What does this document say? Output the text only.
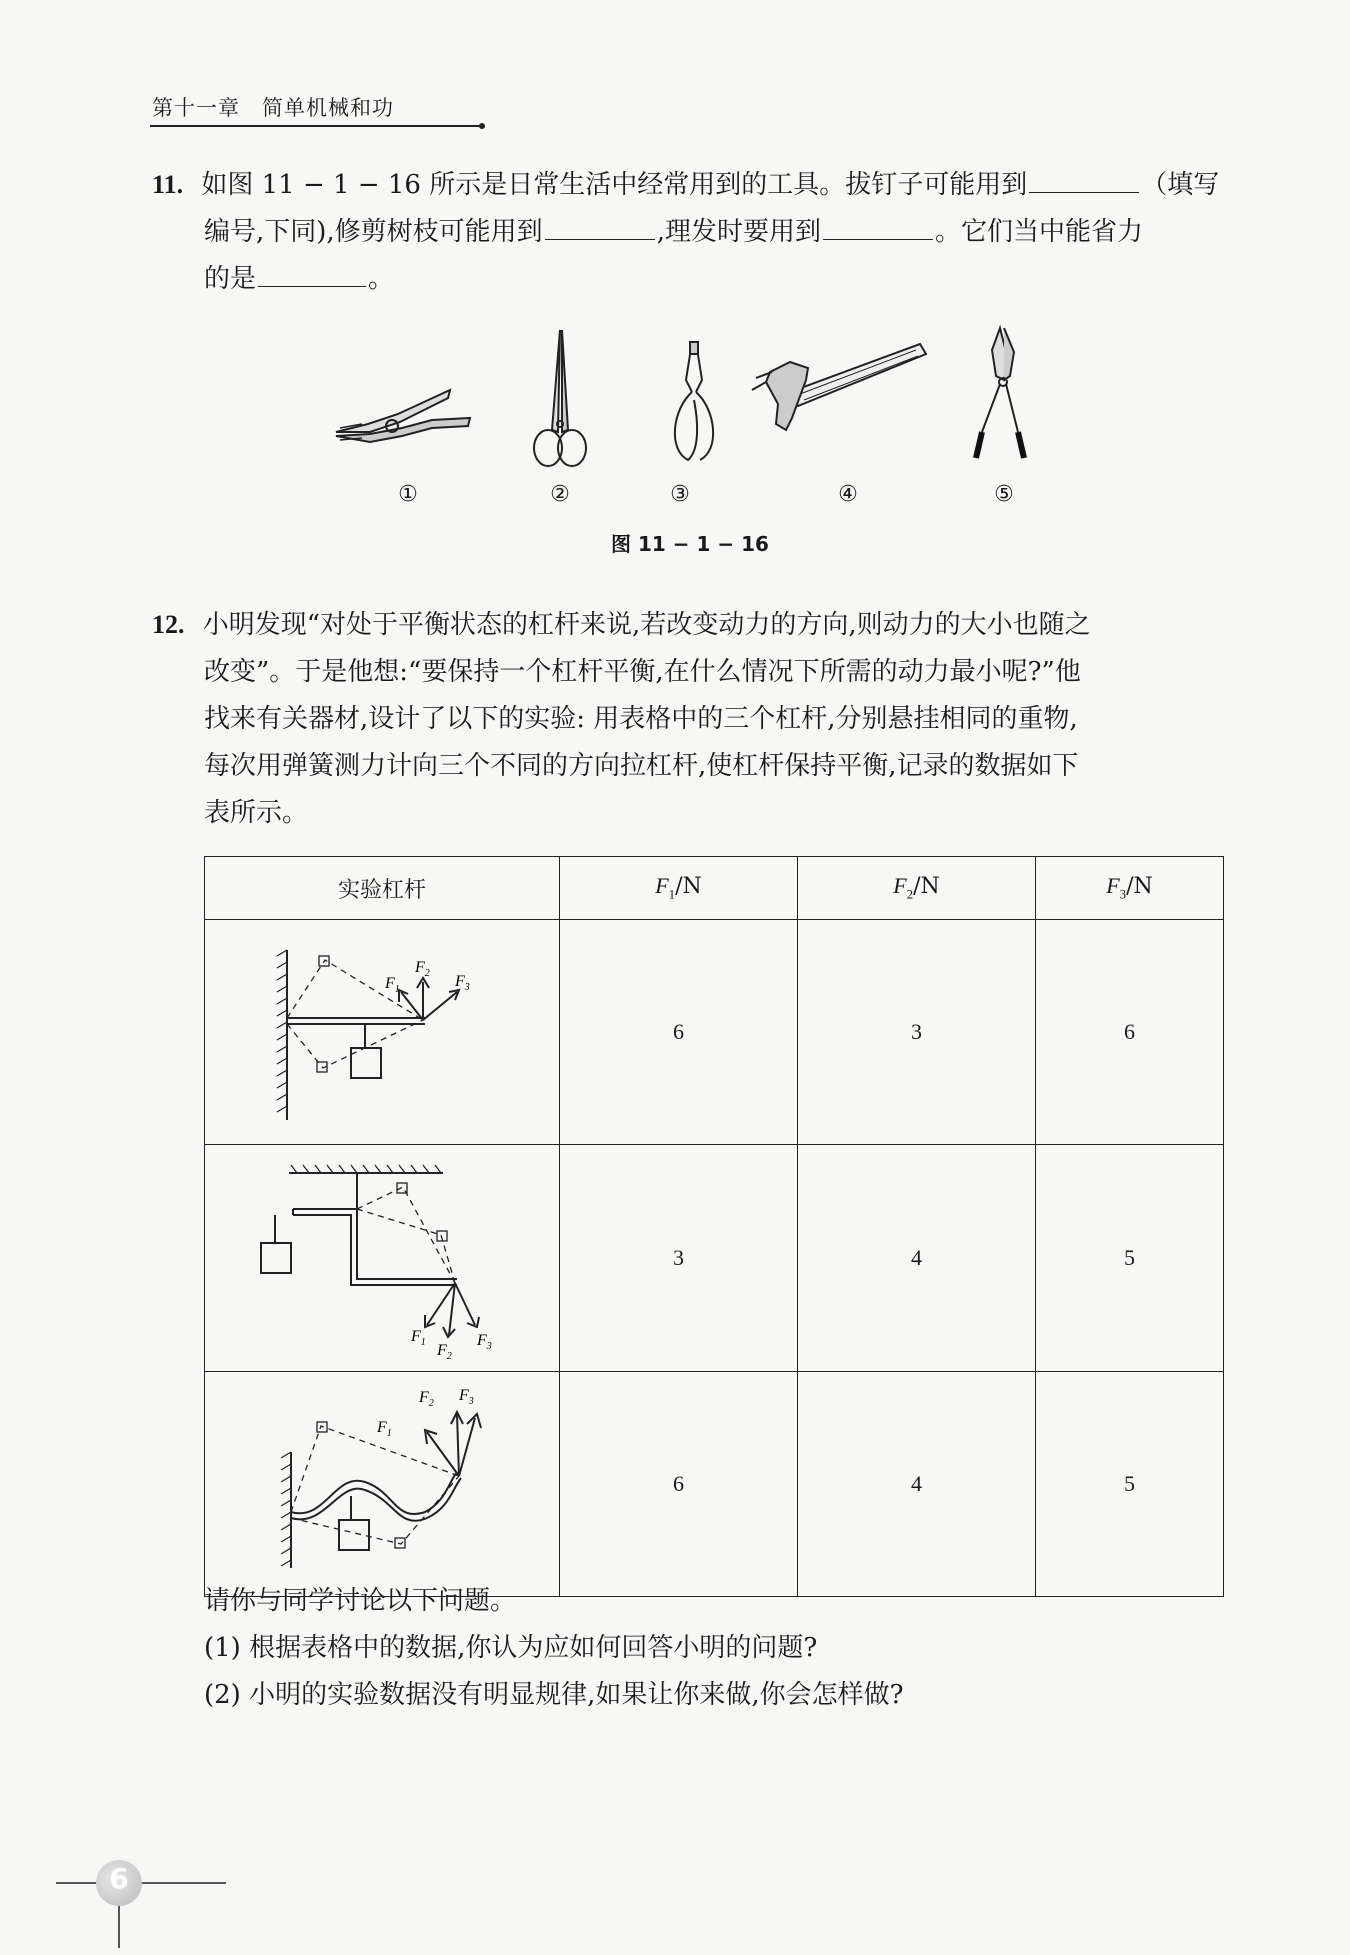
第十一章　简单机械和功
11. 如图 11 − 1 − 16 所示是日常生活中经常用到的工具。拔钉子可能用到	（填写
编号,下同),修剪树枝可能用到	,理发时要用到	。它们当中能省力
的是	。
①	②	③	④	⑤
图 11 − 1 − 16
12. 小明发现“对处于平衡状态的杠杆来说,若改变动力的方向,则动力的大小也随之
改变”。于是他想:“要保持一个杠杆平衡,在什么情况下所需的动力最小呢?”他
找来有关器材,设计了以下的实验: 用表格中的三个杠杆,分别悬挂相同的重物,
每次用弹簧测力计向三个不同的方向拉杠杆,使杠杆保持平衡,记录的数据如下
表所示。
实验杠杆	$F_1/N$	$F_2/N$	$F_3/N$

$F_1$
$F_2$ $F_3$	6	3	6

$F_1$ $F_2$
$F_3$	3	4	5

$F_1$
$F_2$ $F_3$	6	4	5
请你与同学讨论以下问题。
(1) 根据表格中的数据,你认为应如何回答小明的问题?
(2) 小明的实验数据没有明显规律,如果让你来做,你会怎样做?
6
